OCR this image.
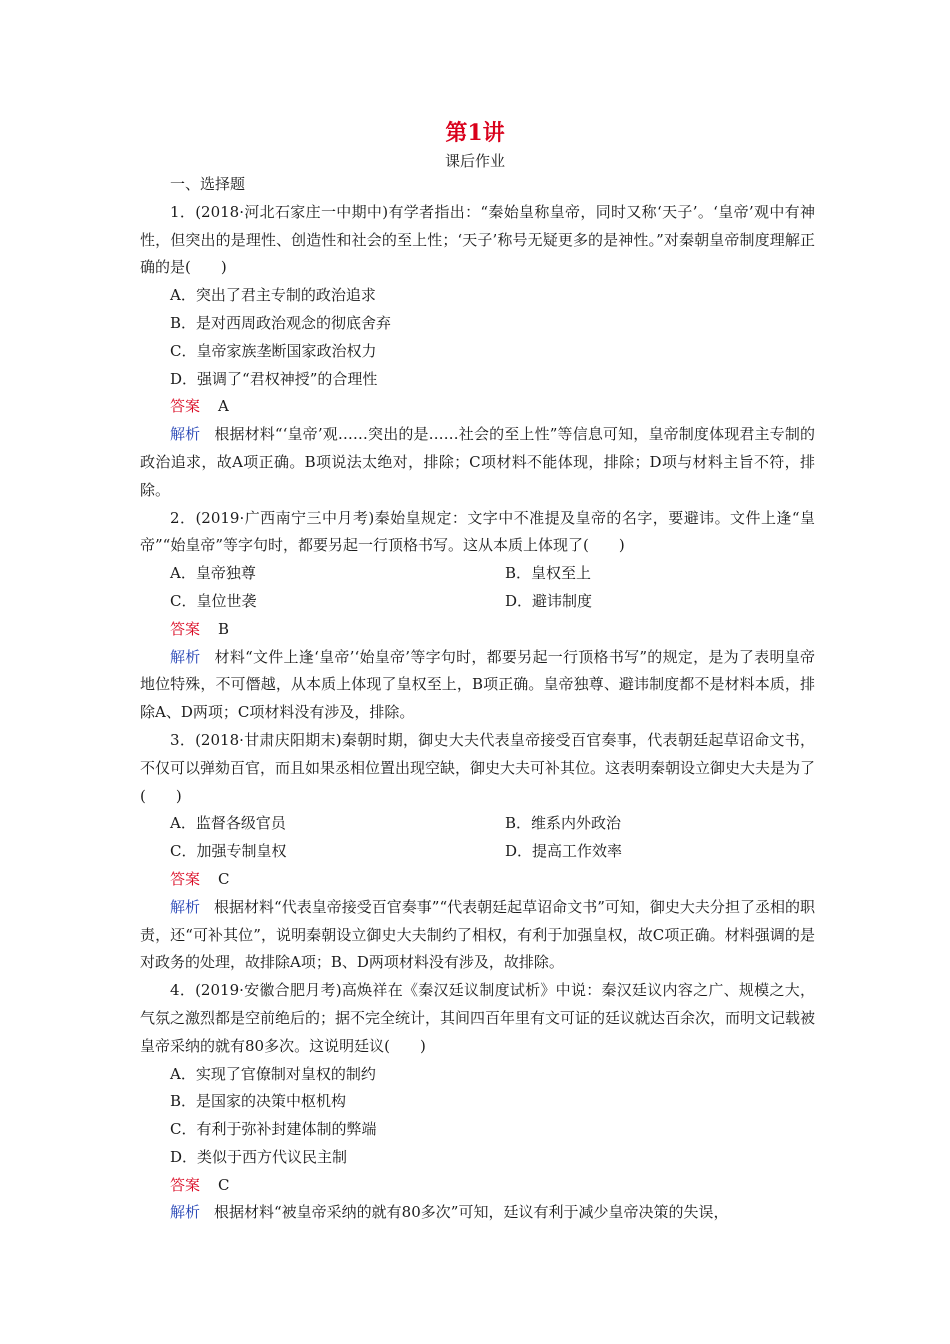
第1讲
课后作业
一、选择题
1．(2018·河北石家庄一中期中)有学者指出：“秦始皇称皇帝，同时又称‘天子’。‘皇帝’观中有神性，但突出的是理性、创造性和社会的至上性；‘天子’称号无疑更多的是神性。”对秦朝皇帝制度理解正确的是(　　)
A．突出了君主专制的政治追求
B．是对西周政治观念的彻底舍弃
C．皇帝家族垄断国家政治权力
D．强调了“君权神授”的合理性
答案 A
解析 根据材料“‘皇帝’观……突出的是……社会的至上性”等信息可知，皇帝制度体现君主专制的政治追求，故A项正确。B项说法太绝对，排除；C项材料不能体现，排除；D项与材料主旨不符，排除。
2．(2019·广西南宁三中月考)秦始皇规定：文字中不准提及皇帝的名字，要避讳。文件上逢“皇帝”“始皇帝”等字句时，都要另起一行顶格书写。这从本质上体现了(　　)
A．皇帝独尊	B．皇权至上
C．皇位世袭	D．避讳制度
答案 B
解析 材料“文件上逢‘皇帝’‘始皇帝’等字句时，都要另起一行顶格书写”的规定，是为了表明皇帝地位特殊，不可僭越，从本质上体现了皇权至上，B项正确。皇帝独尊、避讳制度都不是材料本质，排除A、D两项；C项材料没有涉及，排除。
3．(2018·甘肃庆阳期末)秦朝时期，御史大夫代表皇帝接受百官奏事，代表朝廷起草诏命文书，不仅可以弹劾百官，而且如果丞相位置出现空缺，御史大夫可补其位。这表明秦朝设立御史大夫是为了(　　)
A．监督各级官员	B．维系内外政治
C．加强专制皇权	D．提高工作效率
答案 C
解析 根据材料“代表皇帝接受百官奏事”“代表朝廷起草诏命文书”可知，御史大夫分担了丞相的职责，还“可补其位”，说明秦朝设立御史大夫制约了相权，有利于加强皇权，故C项正确。材料强调的是对政务的处理，故排除A项；B、D两项材料没有涉及，故排除。
4．(2019·安徽合肥月考)高焕祥在《秦汉廷议制度试析》中说：秦汉廷议内容之广、规模之大，气氛之激烈都是空前绝后的；据不完全统计，其间四百年里有文可证的廷议就达百余次，而明文记载被皇帝采纳的就有80多次。这说明廷议(　　)
A．实现了官僚制对皇权的制约
B．是国家的决策中枢机构
C．有利于弥补封建体制的弊端
D．类似于西方代议民主制
答案 C
解析 根据材料“被皇帝采纳的就有80多次”可知，廷议有利于减少皇帝决策的失误，
